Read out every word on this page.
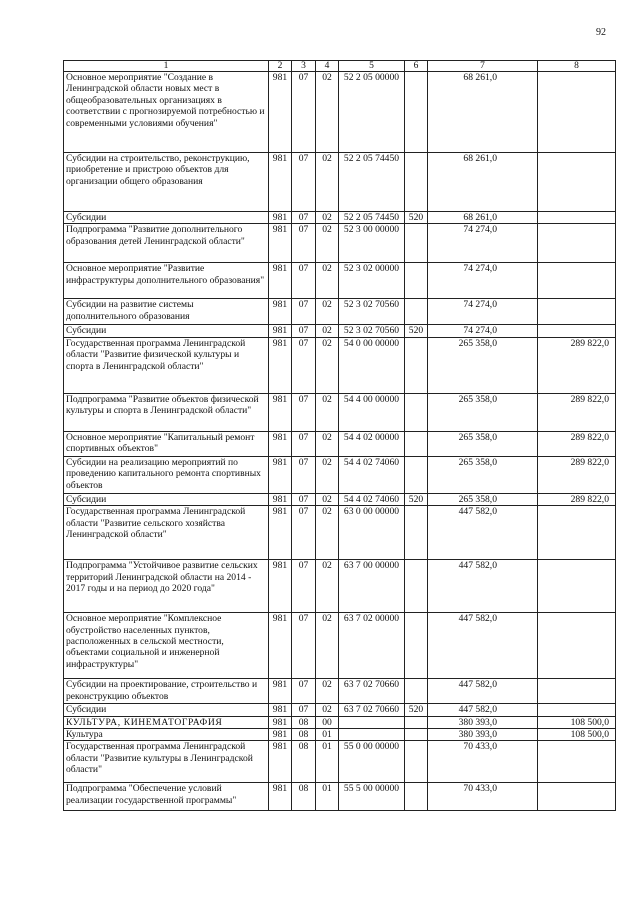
92
1	2	3	4	5	6	7	8
Основное мероприятие "Создание в Ленинградской области новых мест в общеобразовательных организациях в соответствии с прогнозируемой потребностью и современными условиями обучения"	981	07	02	52 2 05 00000		68 261,0	
Субсидии на строительство, реконструкцию, приобретение и пристрою объектов для организации общего образования	981	07	02	52 2 05 74450		68 261,0	
Субсидии	981	07	02	52 2 05 74450	520	68 261,0	
Подпрограмма "Развитие дополнительного образования детей Ленинградской области"	981	07	02	52 3 00 00000		74 274,0	
Основное мероприятие "Развитие инфраструктуры дополнительного образования"	981	07	02	52 3 02 00000		74 274,0	
Субсидии на развитие системы дополнительного образования	981	07	02	52 3 02 70560		74 274,0	
Субсидии	981	07	02	52 3 02 70560	520	74 274,0	
Государственная программа Ленинградской области "Развитие физической культуры и спорта в Ленинградской области"	981	07	02	54 0 00 00000		265 358,0	289 822,0
Подпрограмма "Развитие объектов физической культуры и спорта в Ленинградской области"	981	07	02	54 4 00 00000		265 358,0	289 822,0
Основное мероприятие "Капитальный ремонт спортивных объектов"	981	07	02	54 4 02 00000		265 358,0	289 822,0
Субсидии на реализацию мероприятий по проведению капитального ремонта спортивных объектов	981	07	02	54 4 02 74060		265 358,0	289 822,0
Субсидии	981	07	02	54 4 02 74060	520	265 358,0	289 822,0
Государственная программа Ленинградской области "Развитие сельского хозяйства Ленинградской области"	981	07	02	63 0 00 00000		447 582,0	
Подпрограмма "Устойчивое развитие сельских территорий Ленинградской области на 2014 - 2017 годы и на период до 2020 года"	981	07	02	63 7 00 00000		447 582,0	
Основное мероприятие "Комплексное обустройство населенных пунктов, расположенных в сельской местности, объектами социальной и инженерной инфраструктуры"	981	07	02	63 7 02 00000		447 582,0	
Субсидии на проектирование, строительство и реконструкцию объектов	981	07	02	63 7 02 70660		447 582,0	
Субсидии	981	07	02	63 7 02 70660	520	447 582,0	
КУЛЬТУРА, КИНЕМАТОГРАФИЯ	981	08	00			380 393,0	108 500,0
Культура	981	08	01			380 393,0	108 500,0
Государственная программа Ленинградской области "Развитие культуры в Ленинградской области"	981	08	01	55 0 00 00000		70 433,0	
Подпрограмма "Обеспечение условий реализации государственной программы"	981	08	01	55 5 00 00000		70 433,0	
